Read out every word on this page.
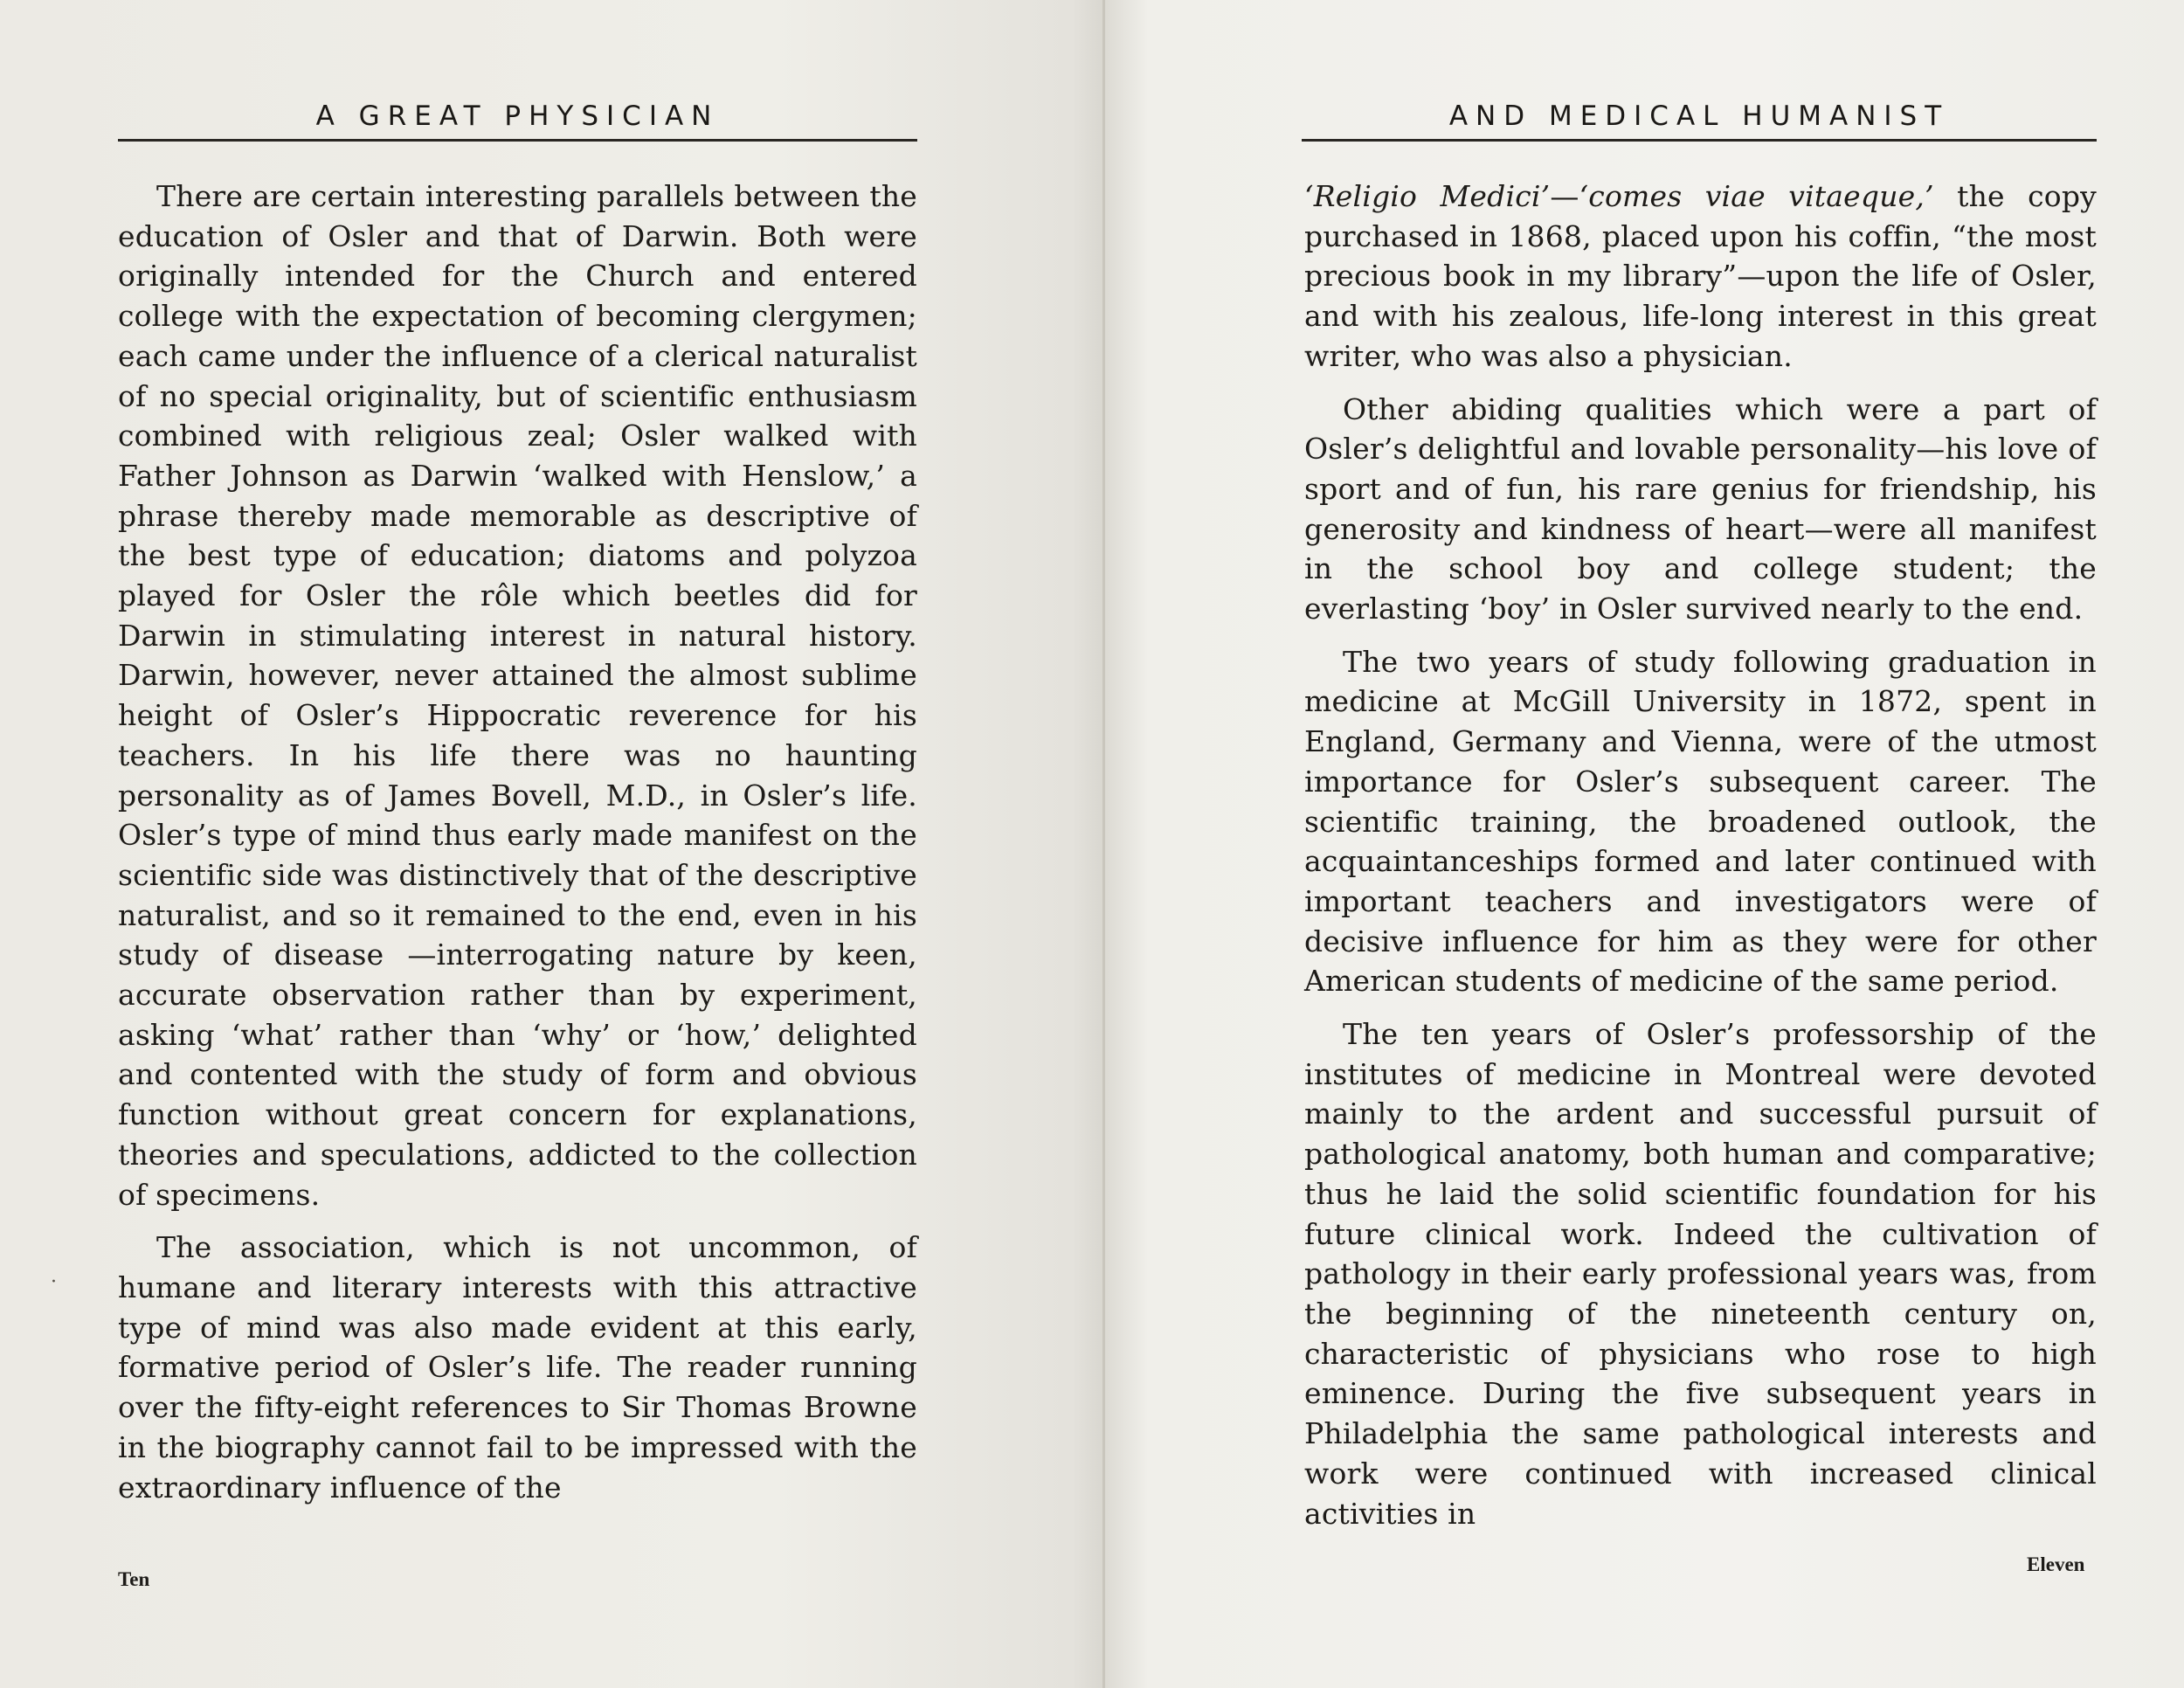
A GREAT PHYSICIAN

There are certain interesting parallels between the education of Osler and that of Darwin. Both were originally intended for the Church and entered college with the expectation of becoming clergymen; each came under the influence of a clerical naturalist of no special originality, but of scientific enthusiasm combined with religious zeal; Osler walked with Father Johnson as Darwin ‘walked with Henslow,’ a phrase thereby made memorable as descriptive of the best type of education; diatoms and polyzoa played for Osler the rôle which beetles did for Darwin in stimulating interest in natural history. Darwin, however, never attained the almost sublime height of Osler’s Hippocratic reverence for his teachers. In his life there was no haunting personality as of James Bovell, M.D., in Osler’s life. Osler’s type of mind thus early made manifest on the scientific side was distinctively that of the descriptive naturalist, and so it remained to the end, even in his study of disease —interrogating nature by keen, accurate observation rather than by experiment, asking ‘what’ rather than ‘why’ or ‘how,’ delighted and contented with the study of form and obvious function without great concern for explanations, theories and speculations, addicted to the collection of specimens.

The association, which is not uncommon, of humane and literary interests with this attractive type of mind was also made evident at this early, formative period of Osler’s life. The reader running over the fifty-eight references to Sir Thomas Browne in the biography cannot fail to be impressed with the extraordinary influence of the

Ten
·
AND MEDICAL HUMANIST

‘Religio Medici’—‘comes viae vitaeque,’ the copy purchased in 1868, placed upon his coffin, “the most precious book in my library”—upon the life of Osler, and with his zealous, life-long interest in this great writer, who was also a physician.

Other abiding qualities which were a part of Osler’s delightful and lovable personality—his love of sport and of fun, his rare genius for friendship, his generosity and kindness of heart—were all manifest in the school boy and college student; the everlasting ‘boy’ in Osler survived nearly to the end.

The two years of study following graduation in medicine at McGill University in 1872, spent in England, Germany and Vienna, were of the utmost importance for Osler’s subsequent career. The scientific training, the broadened outlook, the acquaintanceships formed and later continued with important teachers and investigators were of decisive influence for him as they were for other American students of medicine of the same period.

The ten years of Osler’s professorship of the institutes of medicine in Montreal were devoted mainly to the ardent and successful pursuit of pathological anatomy, both human and comparative; thus he laid the solid scientific foundation for his future clinical work. Indeed the cultivation of pathology in their early professional years was, from the beginning of the nineteenth century on, characteristic of physicians who rose to high eminence. During the five subsequent years in Philadelphia the same pathological interests and work were continued with increased clinical activities in

Eleven
